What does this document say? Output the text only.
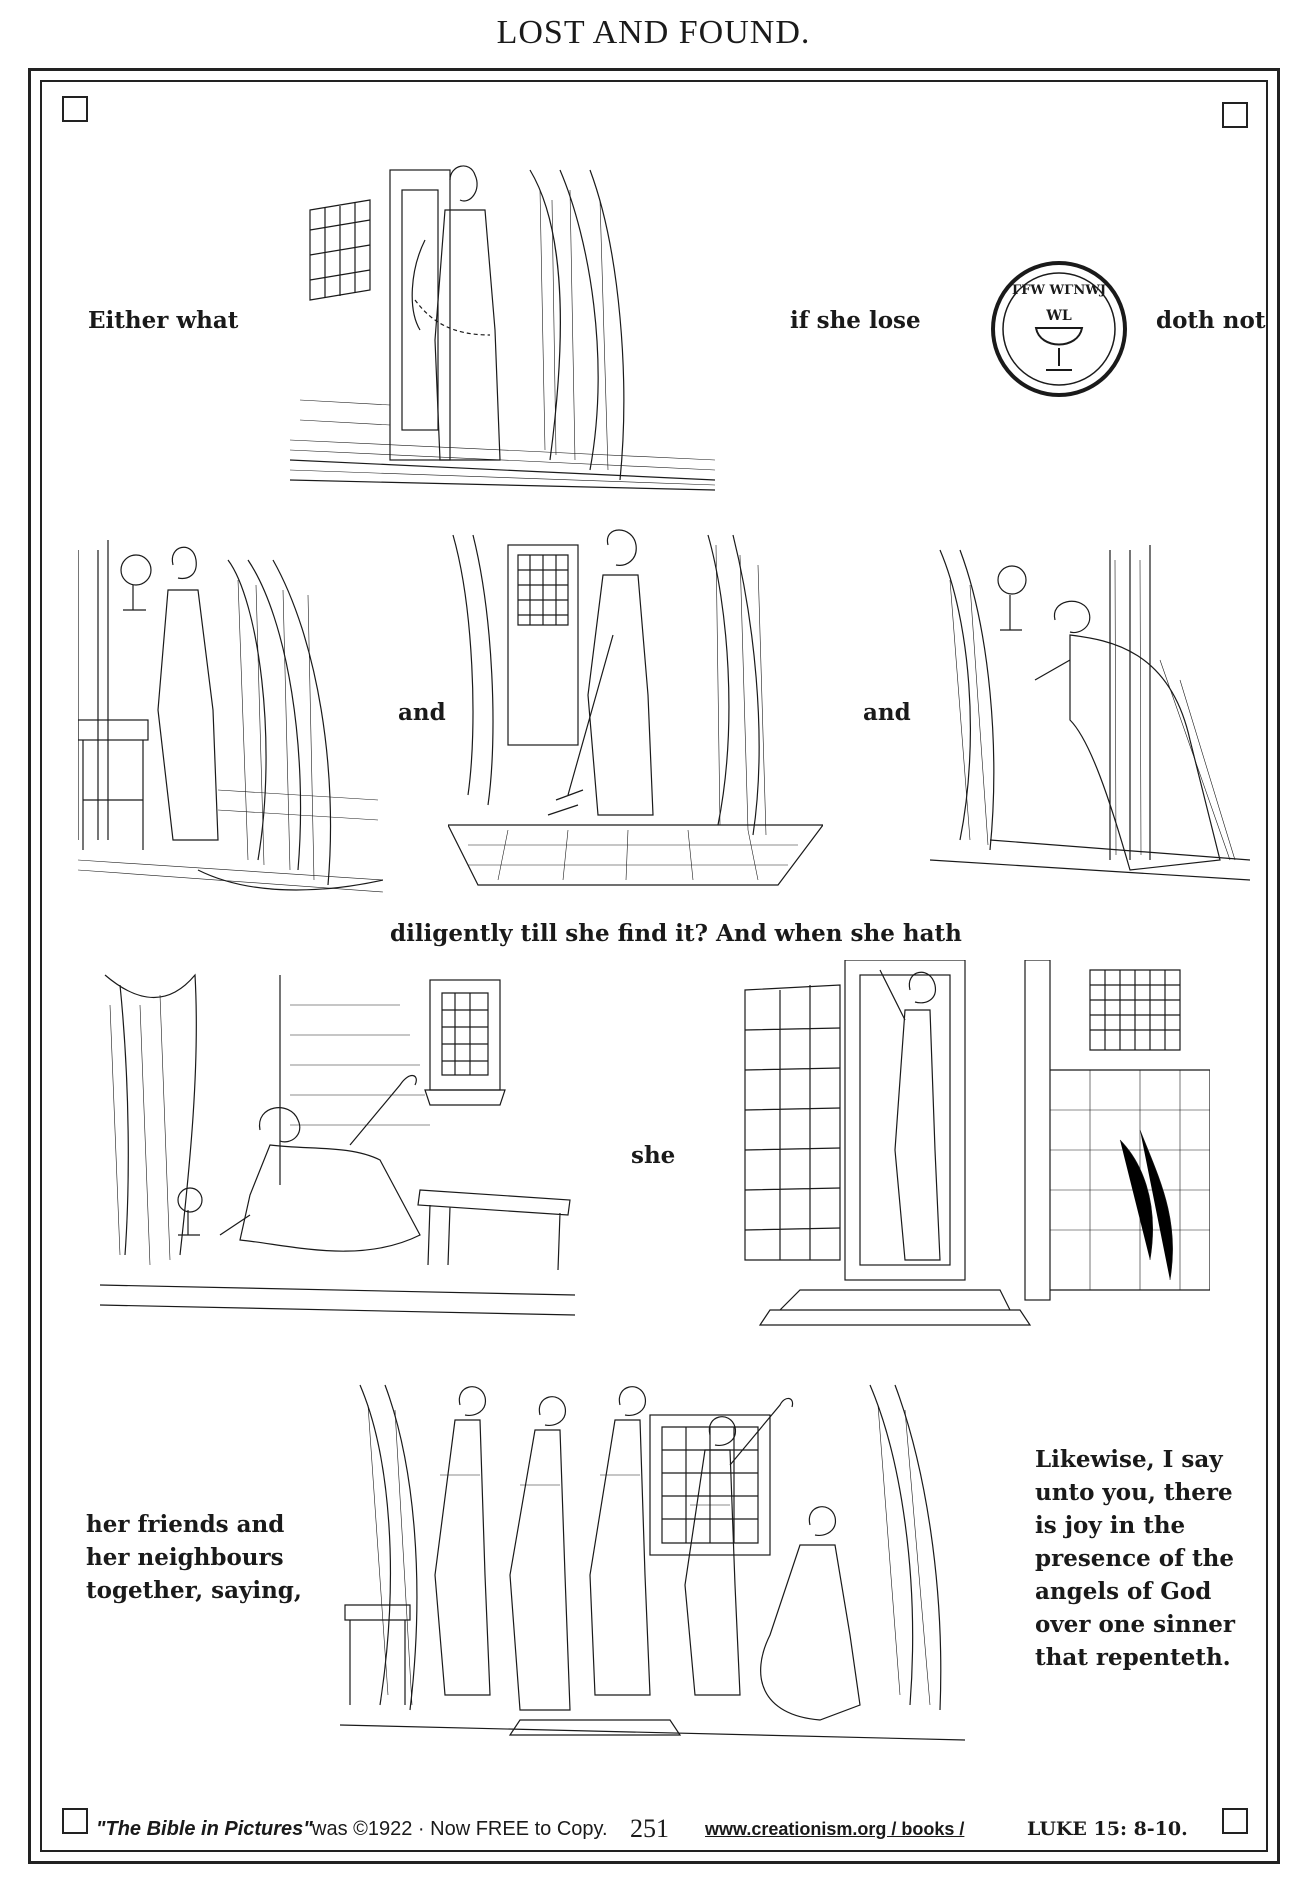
LOST AND FOUND.
Either what	if she lose
ΓFW WΓNWJ
WL	doth not
and	and
diligently till she find it? And when she hath
she
her friends and
her neighbours
together, saying,
Likewise, I say
unto you, there
is joy in the
presence of the
angels of God
over one sinner
that repenteth.
"The Bible in Pictures" was ©1922 · Now FREE to Copy. 251 www.creationism.org / books /	LUKE 15: 8-10.
